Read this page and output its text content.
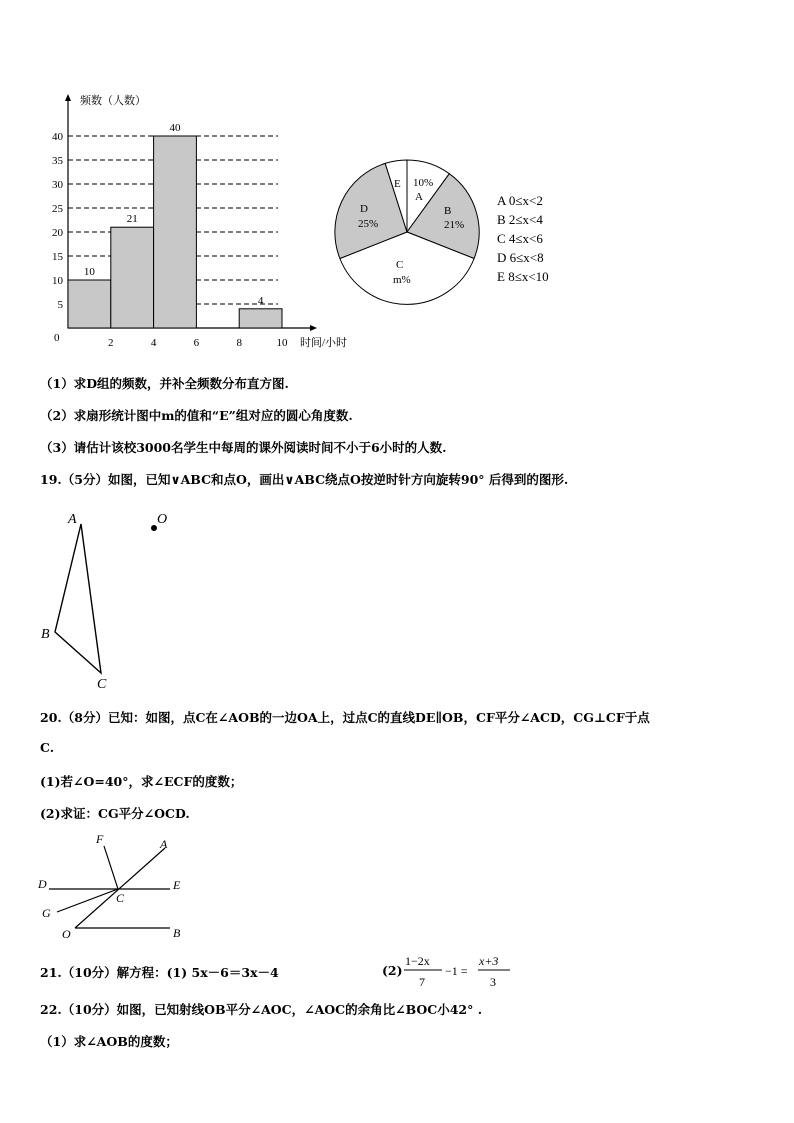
5
10
15
20
25
30
35
40
2	4	6	8	10
10
21
40
4
频数（人数）
时间/小时
0
10%
A
B
21%
C
m%
D
25%
E
A 0≤x<2
B 2≤x<4
C 4≤x<6
D 6≤x<8
E 8≤x<10
（1）求D组的频数，并补全频数分布直方图.
（2）求扇形统计图中m的值和“E”组对应的圆心角度数.
（3）请估计该校3000名学生中每周的课外阅读时间不小于6小时的人数.
19.（5分）如图，已知∨ABC和点O，画出∨ABC绕点O按逆时针方向旋转90° 后得到的图形.
A
B
C
O
20.（8分）已知：如图，点C在∠AOB的一边OA上，过点C的直线DE∥OB，CF平分∠ACD，CG⊥CF于点
C.
(1)若∠O=40°，求∠ECF的度数；
(2)求证：CG平分∠OCD.
F	A
D	E
C
G
O	B
21.（10分）解方程：(1) 5x－6＝3x－4	(2)
1−2x
7
−1 =
x+3
3
22.（10分）如图，已知射线OB平分∠AOC，∠AOC的余角比∠BOC小42° .
（1）求∠AOB的度数；
